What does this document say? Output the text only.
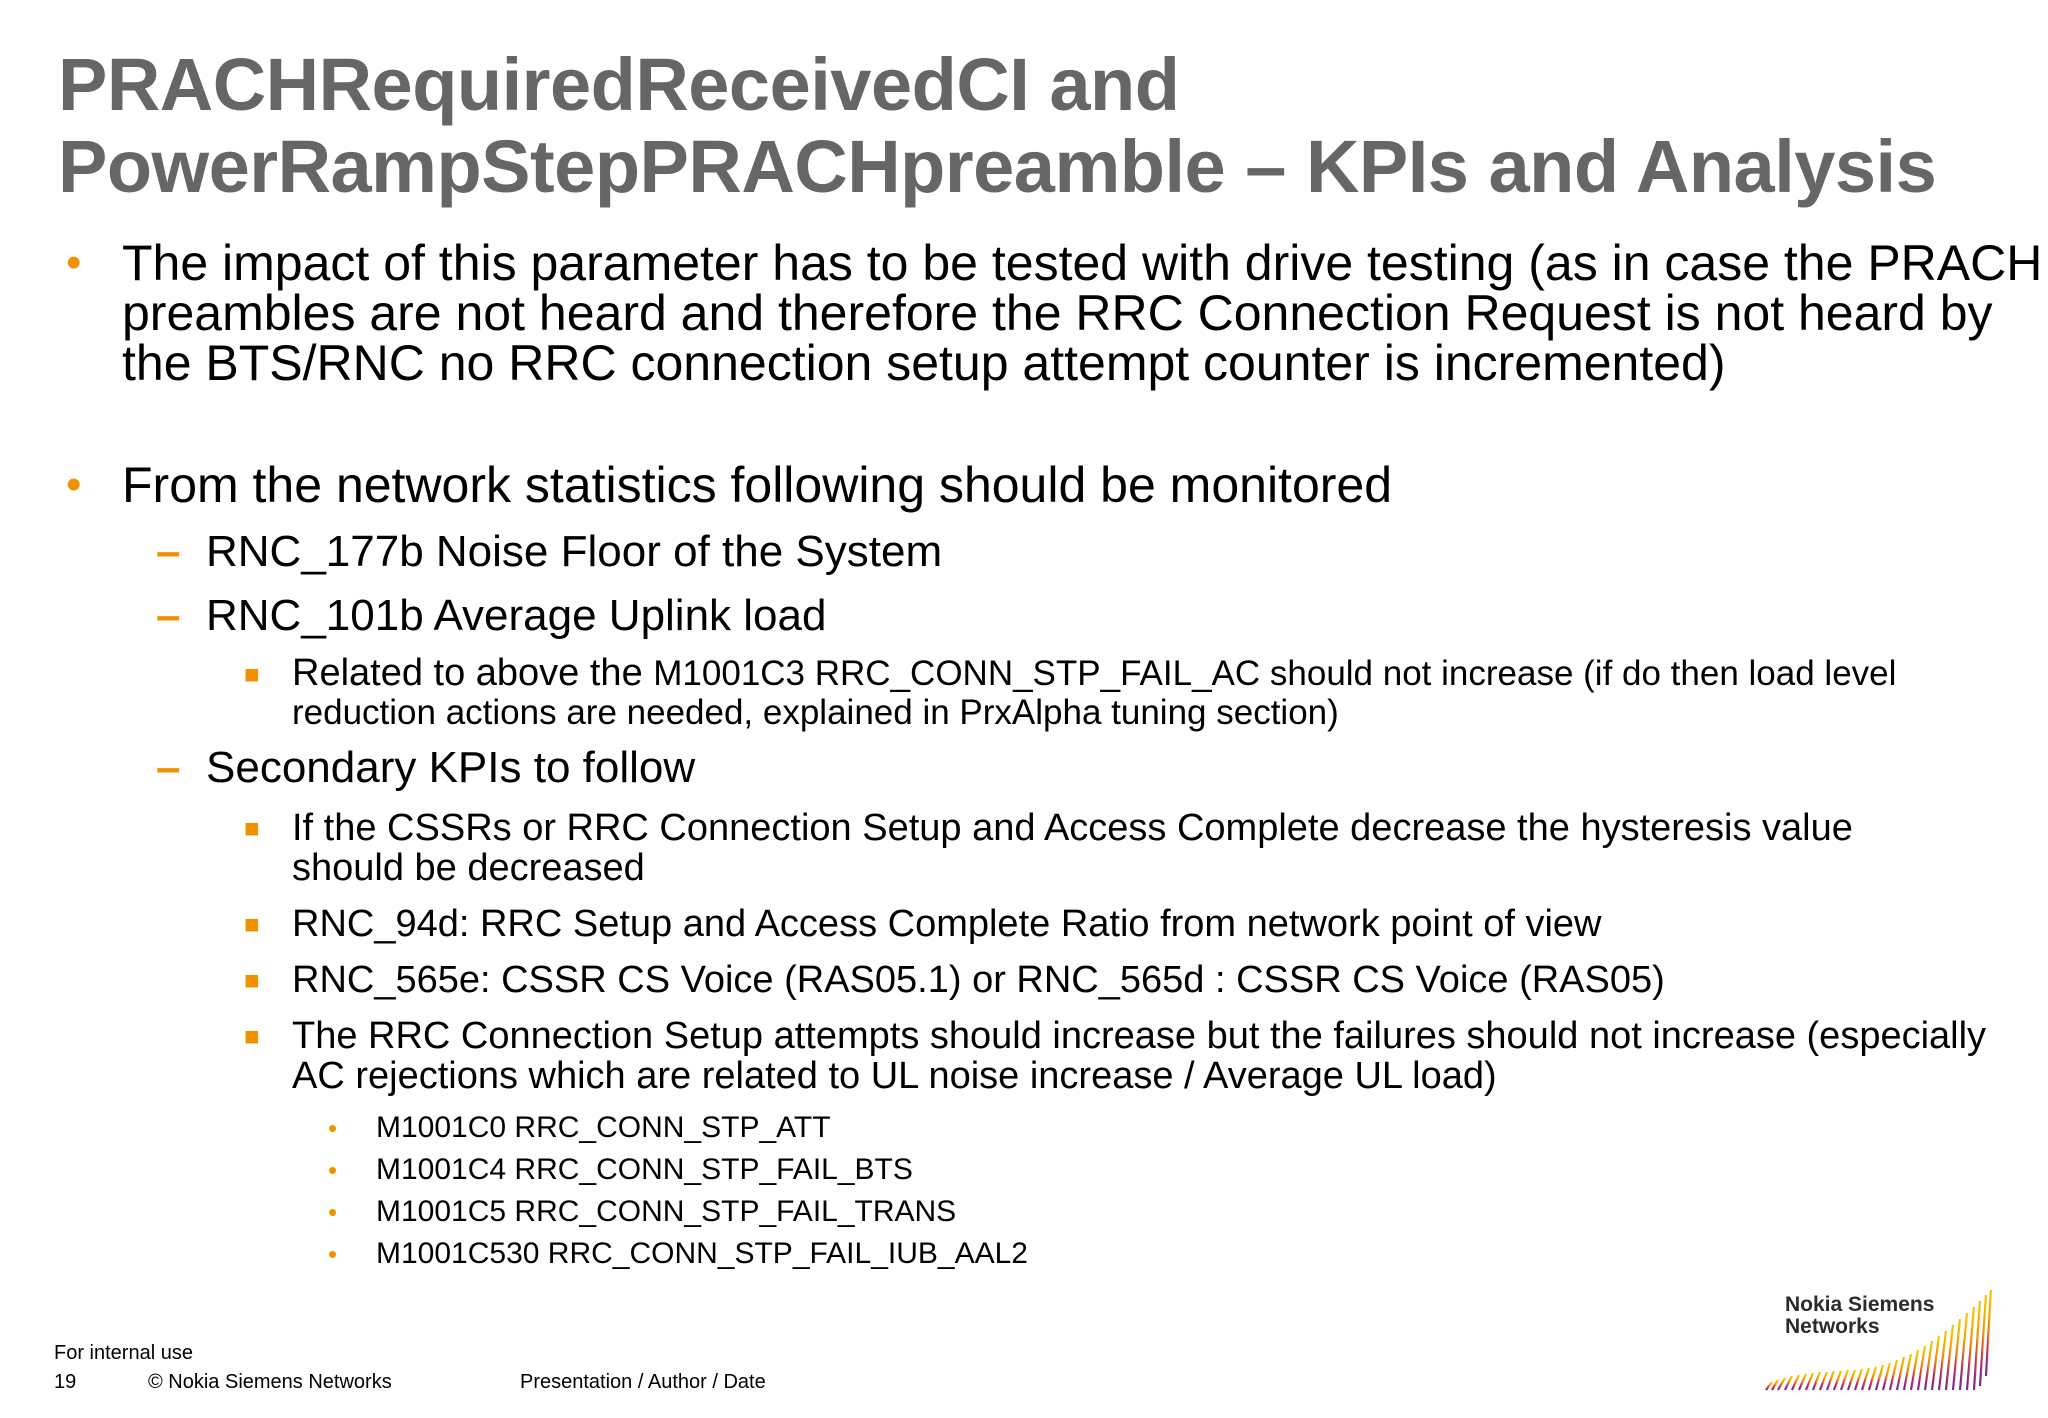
PRACHRequiredReceivedCI and
PowerRampStepPRACHpreamble – KPIs and Analysis
• The impact of this parameter has to be tested with drive testing (as in case the PRACH preambles are not heard and therefore the RRC Connection Request is not heard by the BTS/RNC no RRC connection setup attempt counter is incremented)
• From the network statistics following should be monitored
– RNC_177b Noise Floor of the System
– RNC_101b Average Uplink load
■ Related to above the M1001C3 RRC_CONN_STP_FAIL_AC should not increase (if do then load level reduction actions are needed, explained in PrxAlpha tuning section)
– Secondary KPIs to follow
■ If the CSSRs or RRC Connection Setup and Access Complete decrease the hysteresis value should be decreased
■ RNC_94d: RRC Setup and Access Complete Ratio from network point of view
■ RNC_565e: CSSR CS Voice (RAS05.1) or RNC_565d : CSSR CS Voice (RAS05)
■ The RRC Connection Setup attempts should increase but the failures should not increase (especially AC rejections which are related to UL noise increase / Average UL load)
• M1001C0 RRC_CONN_STP_ATT
• M1001C4 RRC_CONN_STP_FAIL_BTS
• M1001C5 RRC_CONN_STP_FAIL_TRANS
• M1001C530 RRC_CONN_STP_FAIL_IUB_AAL2
For internal use
19	© Nokia Siemens Networks	Presentation / Author / Date
Nokia Siemens
Networks
